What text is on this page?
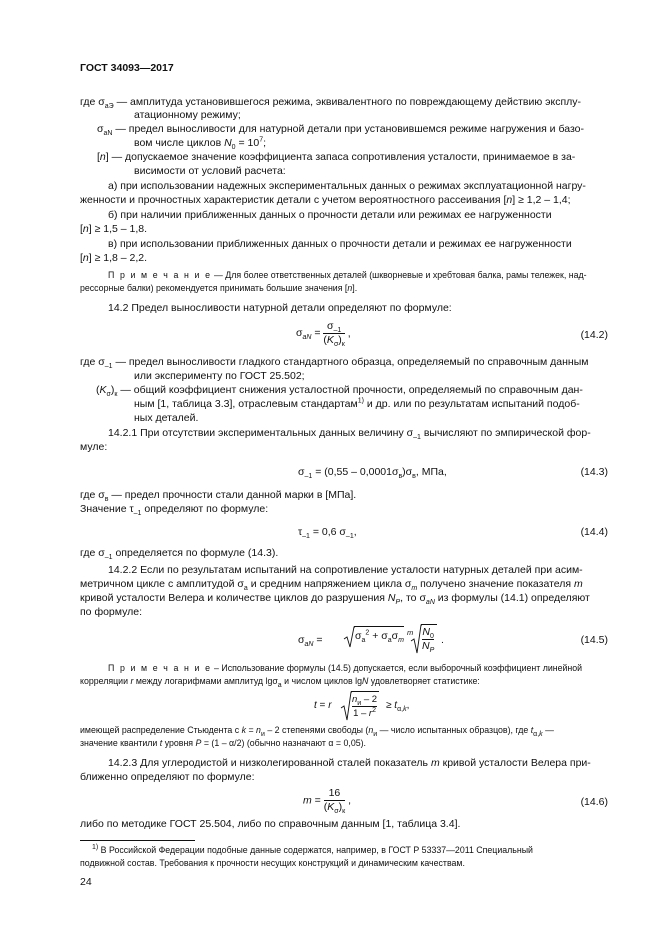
ГОСТ 34093—2017
где $\sigma_{аЭ}$ — амплитуда установившегося режима, эквивалентного по повреждающему действию эксплу-
атационному режиму;
$\sigma_{aN}$ — предел выносливости для натурной детали при установившемся режиме нагружения и базо-
вом числе циклов $N_0 = 10^7$;
[n] — допускаемое значение коэффициента запаса сопротивления усталости, принимаемое в за-
висимости от условий расчета:
а) при использовании надежных экспериментальных данных о режимах эксплуатационной нагру-
женности и прочностных характеристик детали с учетом вероятностного рассеивания [n] ≥ 1,2 – 1,4;
б) при наличии приближенных данных о прочности детали или режимах ее нагруженности
[n] ≥ 1,5 – 1,8.
в) при использовании приближенных данных о прочности детали и режимах ее нагруженности
[n] ≥ 1,8 – 2,2.
П р и м е ч а н и е — Для более ответственных деталей (шкворневые и хребтовая балка, рамы тележек, над-
рессорные балки) рекомендуется принимать большие значения [n].
14.2 Предел выносливости натурной детали определяют по формуле:
$\sigma_{aN} = \frac{\sigma_{-1}}{(K_\sigma)_к}$ ,	(14.2)
где $\sigma_{-1}$ — предел выносливости гладкого стандартного образца, определяемый по справочным данным
или эксперименту по ГОСТ 25.502;
$(K_\sigma)_к$ — общий коэффициент снижения усталостной прочности, определяемый по справочным дан-
ным [1, таблица 3.3], отраслевым стандартам$^{1)}$ и др. или по результатам испытаний подоб-
ных деталей.
14.2.1 При отсутствии экспериментальных данных величину $\sigma_{-1}$ вычисляют по эмпирической фор-
муле:
$\sigma_{-1} = (0,55 - 0,0001\sigma_в)\sigma_в$, МПа,	(14.3)
где $\sigma_в$ — предел прочности стали данной марки в [МПа].
Значение $\tau_{-1}$ определяют по формуле:
$\tau_{-1} = 0,6$ $\sigma_{-1}$,	(14.4)
где $\sigma_{-1}$ определяется по формуле (14.3).
14.2.2 Если по результатам испытаний на сопротивление усталости натурных деталей при асим-
метричном цикле с амплитудой $\sigma_a$ и средним напряжением цикла $\sigma_m$ получено значение показателя m
кривой усталости Велера и количестве циклов до разрушения $N_P$, то $\sigma_{aN}$ из формулы (14.1) определяют
по формуле:
$\sigma_{aN}$ =	$\sigma_a^2 + \sigma_a\sigma_m$
m $\frac{N_0}{N_P}$ .	(14.5)
П р и м е ч а н и е – Использование формулы (14.5) допускается, если выборочный коэффициент линейной
корреляции r между логарифмами амплитуд lgσ$_a$ и числом циклов lgN удовлетворяет статистике:
t = r
$n_и - 2$
$1 - r^2 \ge t_{\alpha,k}$,
имеющей распределение Стьюдента с $k = n_и - 2$ степенями свободы ($n_и$ — число испытанных образцов), где $t_{\alpha,k}$ —
значение квантили t уровня P = (1 – α/2) (обычно назначают α = 0,05).
14.2.3 Для углеродистой и низколегированной сталей показатель m кривой усталости Велера при-
ближенно определяют по формуле:
$m = \frac{16}{(K_\sigma)_к}$ ,	(14.6)
либо по методике ГОСТ 25.504, либо по справочным данным [1, таблица 3.4].
$^{1)}$ В Российской Федерации подобные данные содержатся, например, в ГОСТ Р 53337—2011 Специальный
подвижной состав. Требования к прочности несущих конструкций и динамическим качествам.
24
